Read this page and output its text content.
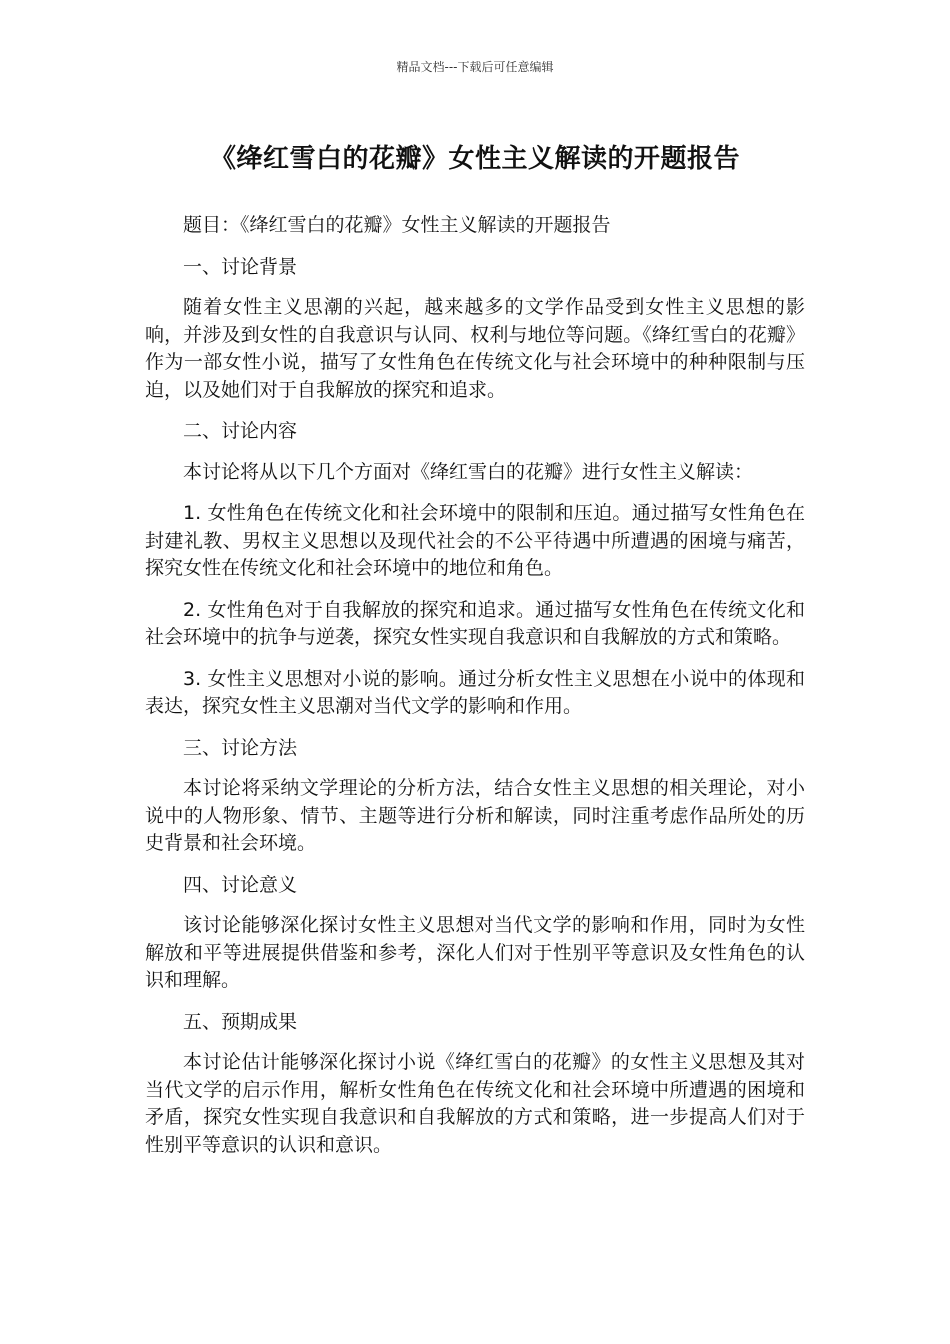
精品文档---下载后可任意编辑
《绛红雪白的花瓣》女性主义解读的开题报告

题目：《绛红雪白的花瓣》女性主义解读的开题报告

一、讨论背景

随着女性主义思潮的兴起，越来越多的文学作品受到女性主义思想的影响，并涉及到女性的自我意识与认同、权利与地位等问题。《绛红雪白的花瓣》作为一部女性小说，描写了女性角色在传统文化与社会环境中的种种限制与压迫，以及她们对于自我解放的探究和追求。

二、讨论内容

本讨论将从以下几个方面对《绛红雪白的花瓣》进行女性主义解读：

1. 女性角色在传统文化和社会环境中的限制和压迫。通过描写女性角色在封建礼教、男权主义思想以及现代社会的不公平待遇中所遭遇的困境与痛苦，探究女性在传统文化和社会环境中的地位和角色。

2. 女性角色对于自我解放的探究和追求。通过描写女性角色在传统文化和社会环境中的抗争与逆袭，探究女性实现自我意识和自我解放的方式和策略。

3. 女性主义思想对小说的影响。通过分析女性主义思想在小说中的体现和表达，探究女性主义思潮对当代文学的影响和作用。

三、讨论方法

本讨论将采纳文学理论的分析方法，结合女性主义思想的相关理论，对小说中的人物形象、情节、主题等进行分析和解读，同时注重考虑作品所处的历史背景和社会环境。

四、讨论意义

该讨论能够深化探讨女性主义思想对当代文学的影响和作用，同时为女性解放和平等进展提供借鉴和参考，深化人们对于性别平等意识及女性角色的认识和理解。

五、预期成果

本讨论估计能够深化探讨小说《绛红雪白的花瓣》的女性主义思想及其对当代文学的启示作用，解析女性角色在传统文化和社会环境中所遭遇的困境和矛盾，探究女性实现自我意识和自我解放的方式和策略，进一步提高人们对于性别平等意识的认识和意识。
